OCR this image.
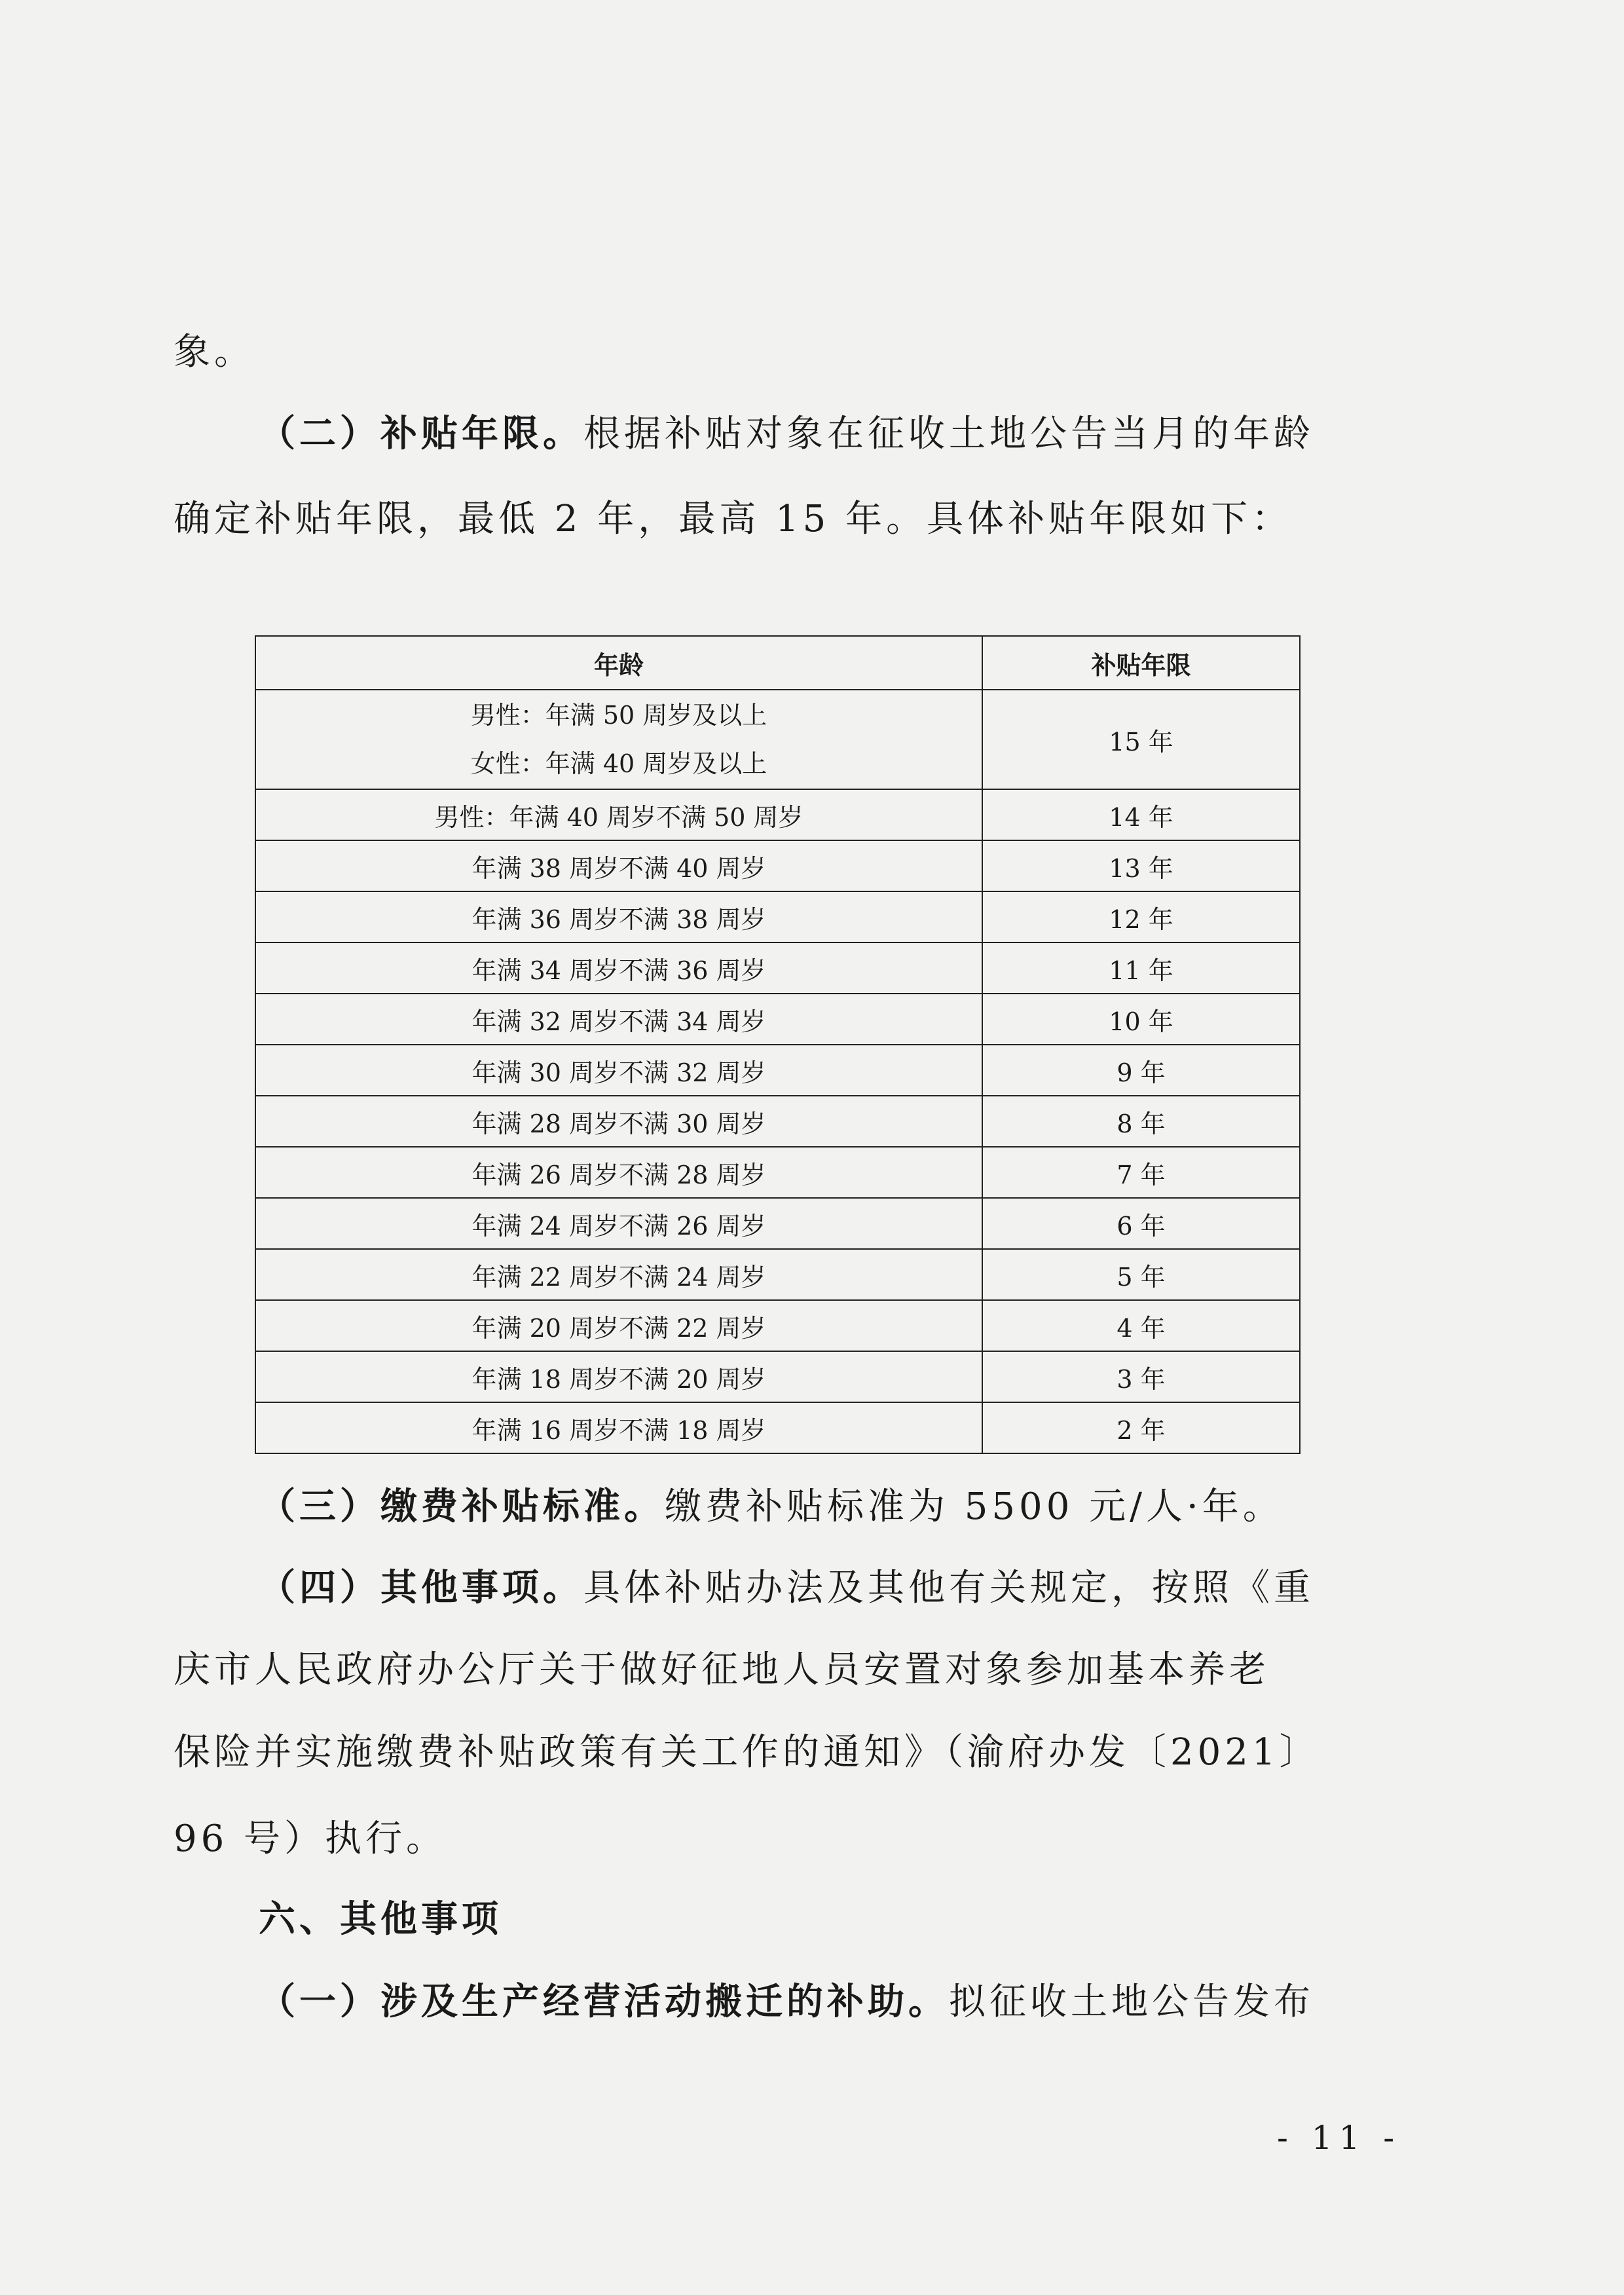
象。
（二）补贴年限。根据补贴对象在征收土地公告当月的年龄
确定补贴年限，最低 2 年，最高 15 年。具体补贴年限如下：
年龄	补贴年限

男性：年满 50 周岁及以上
女性：年满 40 周岁及以上	15 年
男性：年满 40 周岁不满 50 周岁	14 年
年满 38 周岁不满 40 周岁	13 年
年满 36 周岁不满 38 周岁	12 年
年满 34 周岁不满 36 周岁	11 年
年满 32 周岁不满 34 周岁	10 年
年满 30 周岁不满 32 周岁	9 年
年满 28 周岁不满 30 周岁	8 年
年满 26 周岁不满 28 周岁	7 年
年满 24 周岁不满 26 周岁	6 年
年满 22 周岁不满 24 周岁	5 年
年满 20 周岁不满 22 周岁	4 年
年满 18 周岁不满 20 周岁	3 年
年满 16 周岁不满 18 周岁	2 年
（三）缴费补贴标准。缴费补贴标准为 5500 元/人·年。
（四）其他事项。具体补贴办法及其他有关规定，按照《重
庆市人民政府办公厅关于做好征地人员安置对象参加基本养老
保险并实施缴费补贴政策有关工作的通知》（渝府办发〔2021〕
96 号）执行。
六、其他事项
（一）涉及生产经营活动搬迁的补助。拟征收土地公告发布
- 11 -
